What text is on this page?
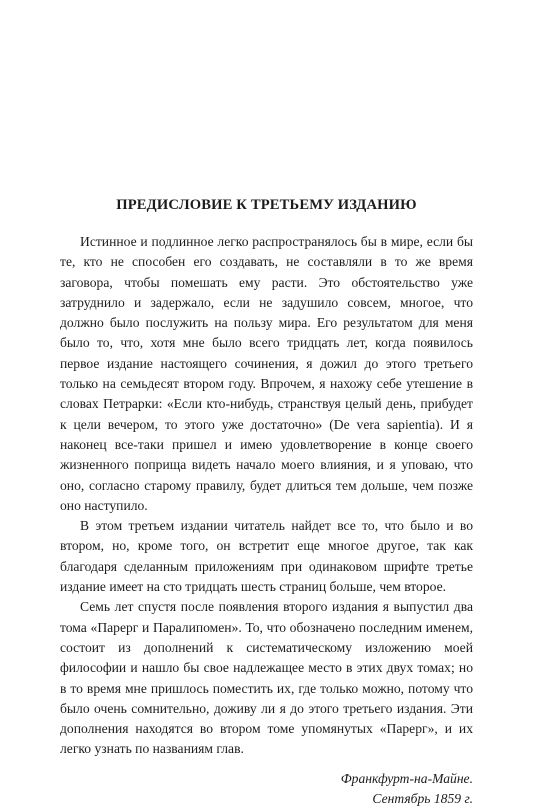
ПРЕДИСЛОВИЕ К ТРЕТЬЕМУ ИЗДАНИЮ

Истинное и подлинное легко распространялось бы в мире, если бы те, кто не способен его создавать, не составляли в то же время заговора, чтобы помешать ему расти. Это обстоятельство уже затруднило и задержало, если не задушило совсем, многое, что должно было послужить на пользу мира. Его результатом для меня было то, что, хотя мне было всего тридцать лет, когда появилось первое издание настоящего сочинения, я дожил до этого третьего только на семьдесят втором году. Впрочем, я нахожу себе утешение в словах Петрарки: «Если кто-нибудь, странствуя целый день, прибудет к цели вечером, то этого уже достаточно» (De vera sapientia). И я наконец все-таки пришел и имею удовлетворение в конце своего жизненного поприща видеть начало моего влияния, и я уповаю, что оно, согласно старому правилу, будет длиться тем дольше, чем позже оно наступило.

В этом третьем издании читатель найдет все то, что было и во втором, но, кроме того, он встретит еще многое другое, так как благодаря сделанным приложениям при одинаковом шрифте третье издание имеет на сто тридцать шесть страниц больше, чем второе.

Семь лет спустя после появления второго издания я выпустил два тома «Парерг и Паралипомен». То, что обозначено последним именем, состоит из дополнений к систематическому изложению моей философии и нашло бы свое надлежащее место в этих двух томах; но в то время мне пришлось поместить их, где только можно, потому что было очень сомнительно, доживу ли я до этого третьего издания. Эти дополнения находятся во втором томе упомянутых «Парерг», и их легко узнать по названиям глав.

Франкфурт-на-Майне.
Сентябрь 1859 г.
